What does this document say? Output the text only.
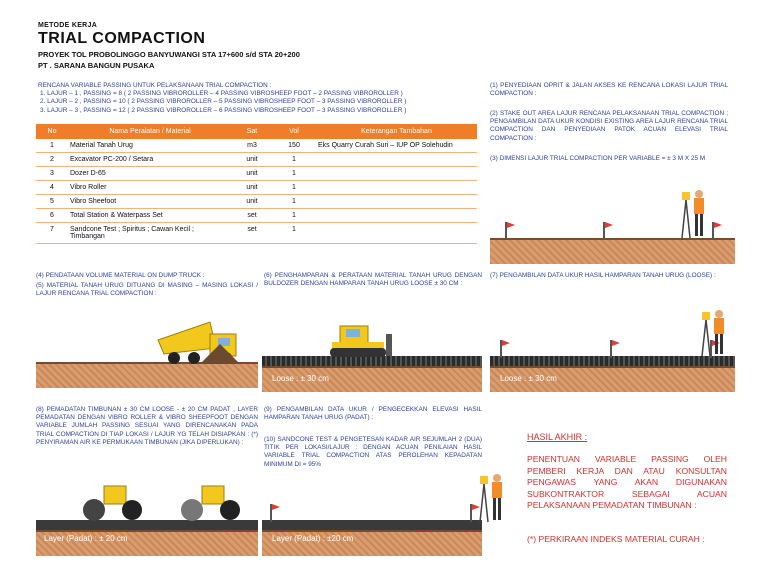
METODE KERJA
TRIAL COMPACTION
PROYEK TOL PROBOLINGGO BANYUWANGI STA 17+600 s/d STA 20+200
PT . SARANA BANGUN PUSAKA
RENCANA VARIABLE PASSING UNTUK PELAKSANAAN TRIAL COMPACTION :
1. LAJUR – 1 , PASSING = 8 ( 2 PASSING VIBROROLLER – 4 PASSING VIBROSHEEP FOOT – 2 PASSING VIBROROLLER )
2. LAJUR – 2 , PASSING = 10 ( 2 PASSING VIBROROLLER – 5 PASSING VIBROSHEEP FOOT – 3 PASSING VIBROROLLER )
3. LAJUR – 3 , PASSING = 12 ( 2 PASSING VIBROROLLER – 6 PASSING VIBROSHEEP FOOT – 3 PASSING VIBROROLLER )
No	Nama Peralatan / Material	Sat	Vol	Keterangan Tambahan
1	Material Tanah Urug	m3	150	Eks Quarry Curah Suri – IUP OP Solehudin
2	Excavator PC-200 / Setara	unit	1	
3	Dozer D-65	unit	1	
4	Vibro Roller	unit	1	
5	Vibro Sheefoot	unit	1	
6	Total Station & Waterpass Set	set	1	
7	Sandcone Test ; Spiritus ; Cawan Kecil ; Timbangan	set	1	
(1) PENYEDIAAN OPRIT & JALAN AKSES KE RENCANA LOKASI LAJUR TRIAL COMPACTION :
(2) STAKE OUT AREA LAJUR RENCANA PELAKSANAAN TRIAL COMPACTION ; PENGAMBILAN DATA UKUR KONDISI EXISTING AREA LAJUR RENCANA TRIAL COMPACTION DAN PENYEDIAAN PATOK ACUAN ELEVASI TRIAL COMPACTION :
(3) DIMENSI LAJUR TRIAL COMPACTION PER VARIABLE = ± 3 M X 25 M
(4) PENDATAAN VOLUME MATERIAL ON DUMP TRUCK :
(5) MATERIAL TANAH URUG DITUANG DI MASING – MASING LOKASI / LAJUR RENCANA TRIAL COMPACTION :
(6) PENGHAMPARAN & PERATAAN MATERIAL TANAH URUG DENGAN BULDOZER DENGAN HAMPARAN TANAH URUG LOOSE ± 30 CM :
(7) PENGAMBILAN DATA UKUR HASIL HAMPARAN TANAH URUG (LOOSE) :
Loose : ± 30 cm	Loose : ± 30 cm
(8) PEMADATAN TIMBUNAN ± 30 CM LOOSE - ± 20 CM PADAT , LAYER PEMADATAN DENGAN VIBRO ROLLER & VIBRO SHEEPFOOT DENGAN VARIABLE JUMLAH PASSING SESUAI YANG DIRENCANAKAN PADA TRIAL COMPACTION DI TIAP LOKASI / LAJUR YG TELAH DISIAPKAN : (*) PENYIRAMAN AIR KE PERMUKAAN TIMBUNAN (JIKA DIPERLUKAN) :
(9) PENGAMBILAN DATA UKUR / PENGECEKKAN ELEVASI HASIL HAMPARAN TANAH URUG (PADAT) :
(10) SANDCONE TEST & PENGETESAN KADAR AIR SEJUMLAH 2 (DUA) TITIK PER LOKASI/LAJUR : DENGAN ACUAN PENILAIAN HASIL VARIABLE TRIAL COMPACTION ATAS PEROLEHAN KEPADATAN MINIMUM DI = 95%
Layer (Padat) : ± 20 cm	Layer (Padat) : ±20 cm
HASIL AKHIR :
PENENTUAN VARIABLE PASSING OLEH PEMBERI KERJA DAN ATAU KONSULTAN PENGAWAS YANG AKAN DIGUNAKAN SUBKONTRAKTOR SEBAGAI ACUAN PELAKSANAAN PEMADATAN TIMBUNAN :
(*) PERKIRAAN INDEKS MATERIAL CURAH :
